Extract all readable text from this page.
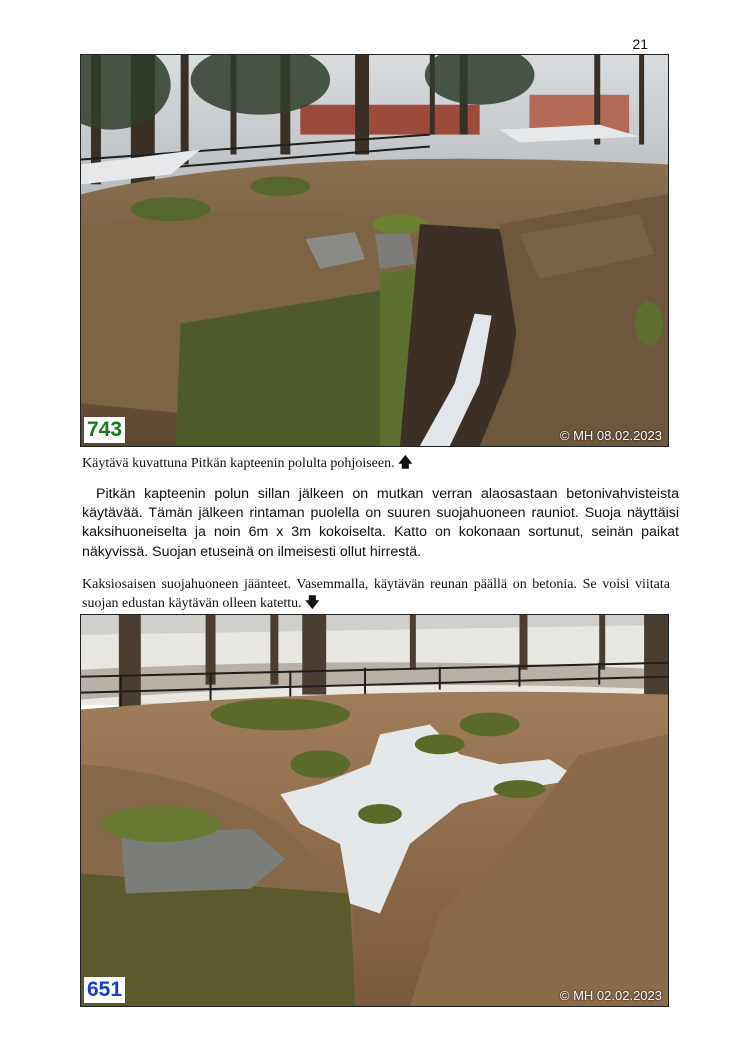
21
743	© MH 08.02.2023
Käytävä kuvattuna Pitkän kapteenin polulta pohjoiseen. 🡅

Pitkän kapteenin polun sillan jälkeen on mutkan verran alaosastaan betonivahvisteista käytävää. Tämän jälkeen rintaman puolella on suuren suojahuoneen rauniot. Suoja näyttäisi kaksihuoneiselta ja noin 6m x 3m kokoiselta. Katto on kokonaan sortunut, seinän paikat näkyvissä. Suojan etuseinä on ilmeisesti ollut hirrestä.

Kaksiosaisen suojahuoneen jäänteet. Vasemmalla, käytävän reunan päällä on betonia. Se voisi viitata suojan edustan käytävän olleen katettu. 🡇
651	© MH 02.02.2023
